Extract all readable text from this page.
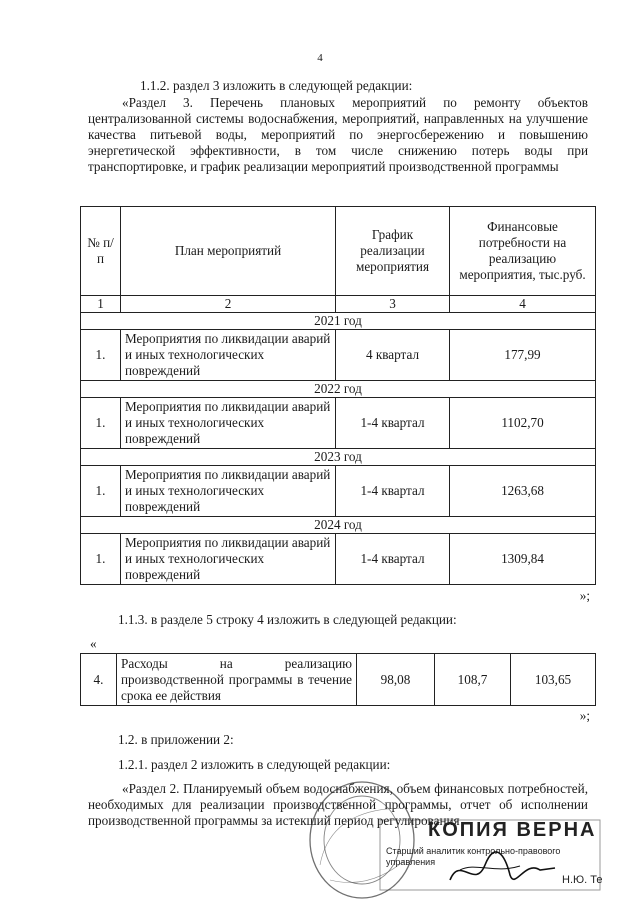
4
1.1.2. раздел 3 изложить в следующей редакции:

«Раздел 3. Перечень плановых мероприятий по ремонту объектов централизованной системы водоснабжения, мероприятий, направленных на улучшение качества питьевой воды, мероприятий по энергосбережению и повышению энергетической эффективности, в том числе снижению потерь воды при транспортировке, и график реализации мероприятий производственной программы

№ п/п	План мероприятий	График реализации мероприятия	Финансовые потребности на реализацию мероприятия, тыс.руб.
1	2	3	4
2021 год			
1.	Мероприятия по ликвидации аварий и иных технологических повреждений	4 квартал	177,99
2022 год			
1.	Мероприятия по ликвидации аварий и иных технологических повреждений	1-4 квартал	1102,70
2023 год			
1.	Мероприятия по ликвидации аварий и иных технологических повреждений	1-4 квартал	1263,68
2024 год			
1.	Мероприятия по ликвидации аварий и иных технологических повреждений	1-4 квартал	1309,84
»;
1.1.3. в разделе 5 строку 4 изложить в следующей редакции:
«
4.	Расходы на реализацию производственной программы в течение срока ее действия	98,08	108,7	103,65
»;
1.2. в приложении 2:
1.2.1. раздел 2 изложить в следующей редакции:

«Раздел 2. Планируемый объем водоснабжения, объем финансовых потребностей, необходимых для реализации производственной программы, отчет об исполнении производственной программы за истекший период регулирования

КОПИЯ ВЕРНА
Старший аналитик контрольно-правового управления
Н.Ю. Те
